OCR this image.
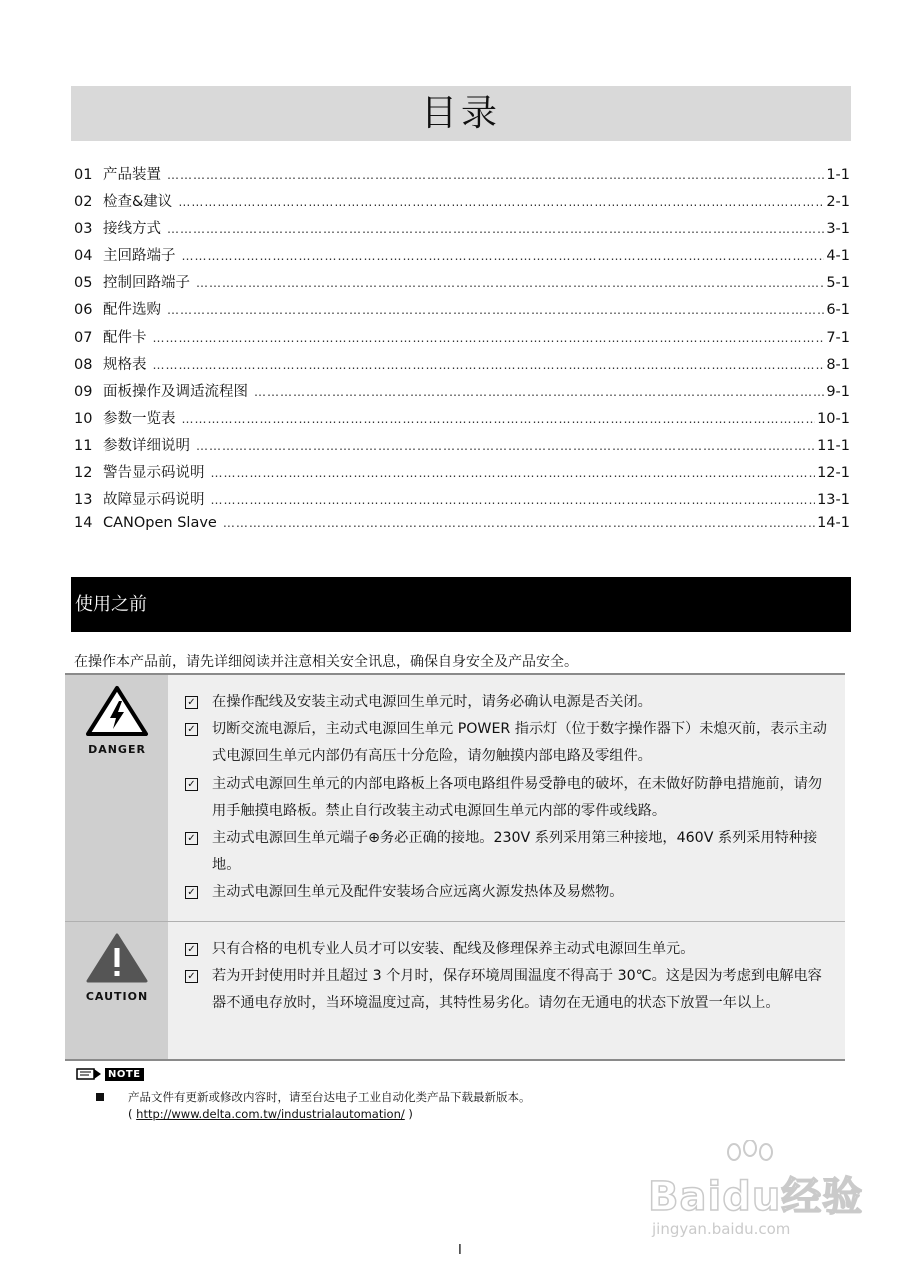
目录
01 产品装置 …………………………………………………………………………………………………………………………………………………………………………………………………………	1-1
02 检查&建议 …………………………………………………………………………………………………………………………………………………………………………………………………………	2-1
03 接线方式 …………………………………………………………………………………………………………………………………………………………………………………………………………	3-1
04 主回路端子 …………………………………………………………………………………………………………………………………………………………………………………………………………	4-1
05 控制回路端子 …………………………………………………………………………………………………………………………………………………………………………………………………………	5-1
06 配件选购 …………………………………………………………………………………………………………………………………………………………………………………………………………	6-1
07 配件卡 …………………………………………………………………………………………………………………………………………………………………………………………………………	7-1
08 规格表 …………………………………………………………………………………………………………………………………………………………………………………………………………	8-1
09 面板操作及调适流程图 …………………………………………………………………………………………………………………………………………………………………………………………………………	9-1
10 参数一览表 …………………………………………………………………………………………………………………………………………………………………………………………………………	10-1
11 参数详细说明 …………………………………………………………………………………………………………………………………………………………………………………………………………	11-1
12 警告显示码说明 …………………………………………………………………………………………………………………………………………………………………………………………………………	12-1
13 故障显示码说明 …………………………………………………………………………………………………………………………………………………………………………………………………………	13-1
14 CANOpen Slave …………………………………………………………………………………………………………………………………………………………………………………………………………	14-1
使用之前
在操作本产品前，请先详细阅读并注意相关安全讯息，确保自身安全及产品安全。
DANGER
✓
在操作配线及安装主动式电源回生单元时，请务必确认电源是否关闭。
✓
切断交流电源后，主动式电源回生单元 POWER 指示灯（位于数字操作器下）未熄灭前，表示主动式电源回生单元内部仍有高压十分危险，请勿触摸内部电路及零组件。
✓
主动式电源回生单元的内部电路板上各项电路组件易受静电的破坏，在未做好防静电措施前，请勿用手触摸电路板。禁止自行改装主动式电源回生单元内部的零件或线路。
✓
主动式电源回生单元端子⊕务必正确的接地。230V 系列采用第三种接地，460V 系列采用特种接地。
✓
主动式电源回生单元及配件安装场合应远离火源发热体及易燃物。
CAUTION
✓
只有合格的电机专业人员才可以安装、配线及修理保养主动式电源回生单元。
✓
若为开封使用时并且超过 3 个月时，保存环境周围温度不得高于 30℃。这是因为考虑到电解电容器不通电存放时，当环境温度过高，其特性易劣化。请勿在无通电的状态下放置一年以上。
NOTE
产品文件有更新或修改内容时，请至台达电子工业自动化类产品下载最新版本。
( http://www.delta.com.tw/industrialautomation/ )
Baidu经验
jingyan.baidu.com
I
